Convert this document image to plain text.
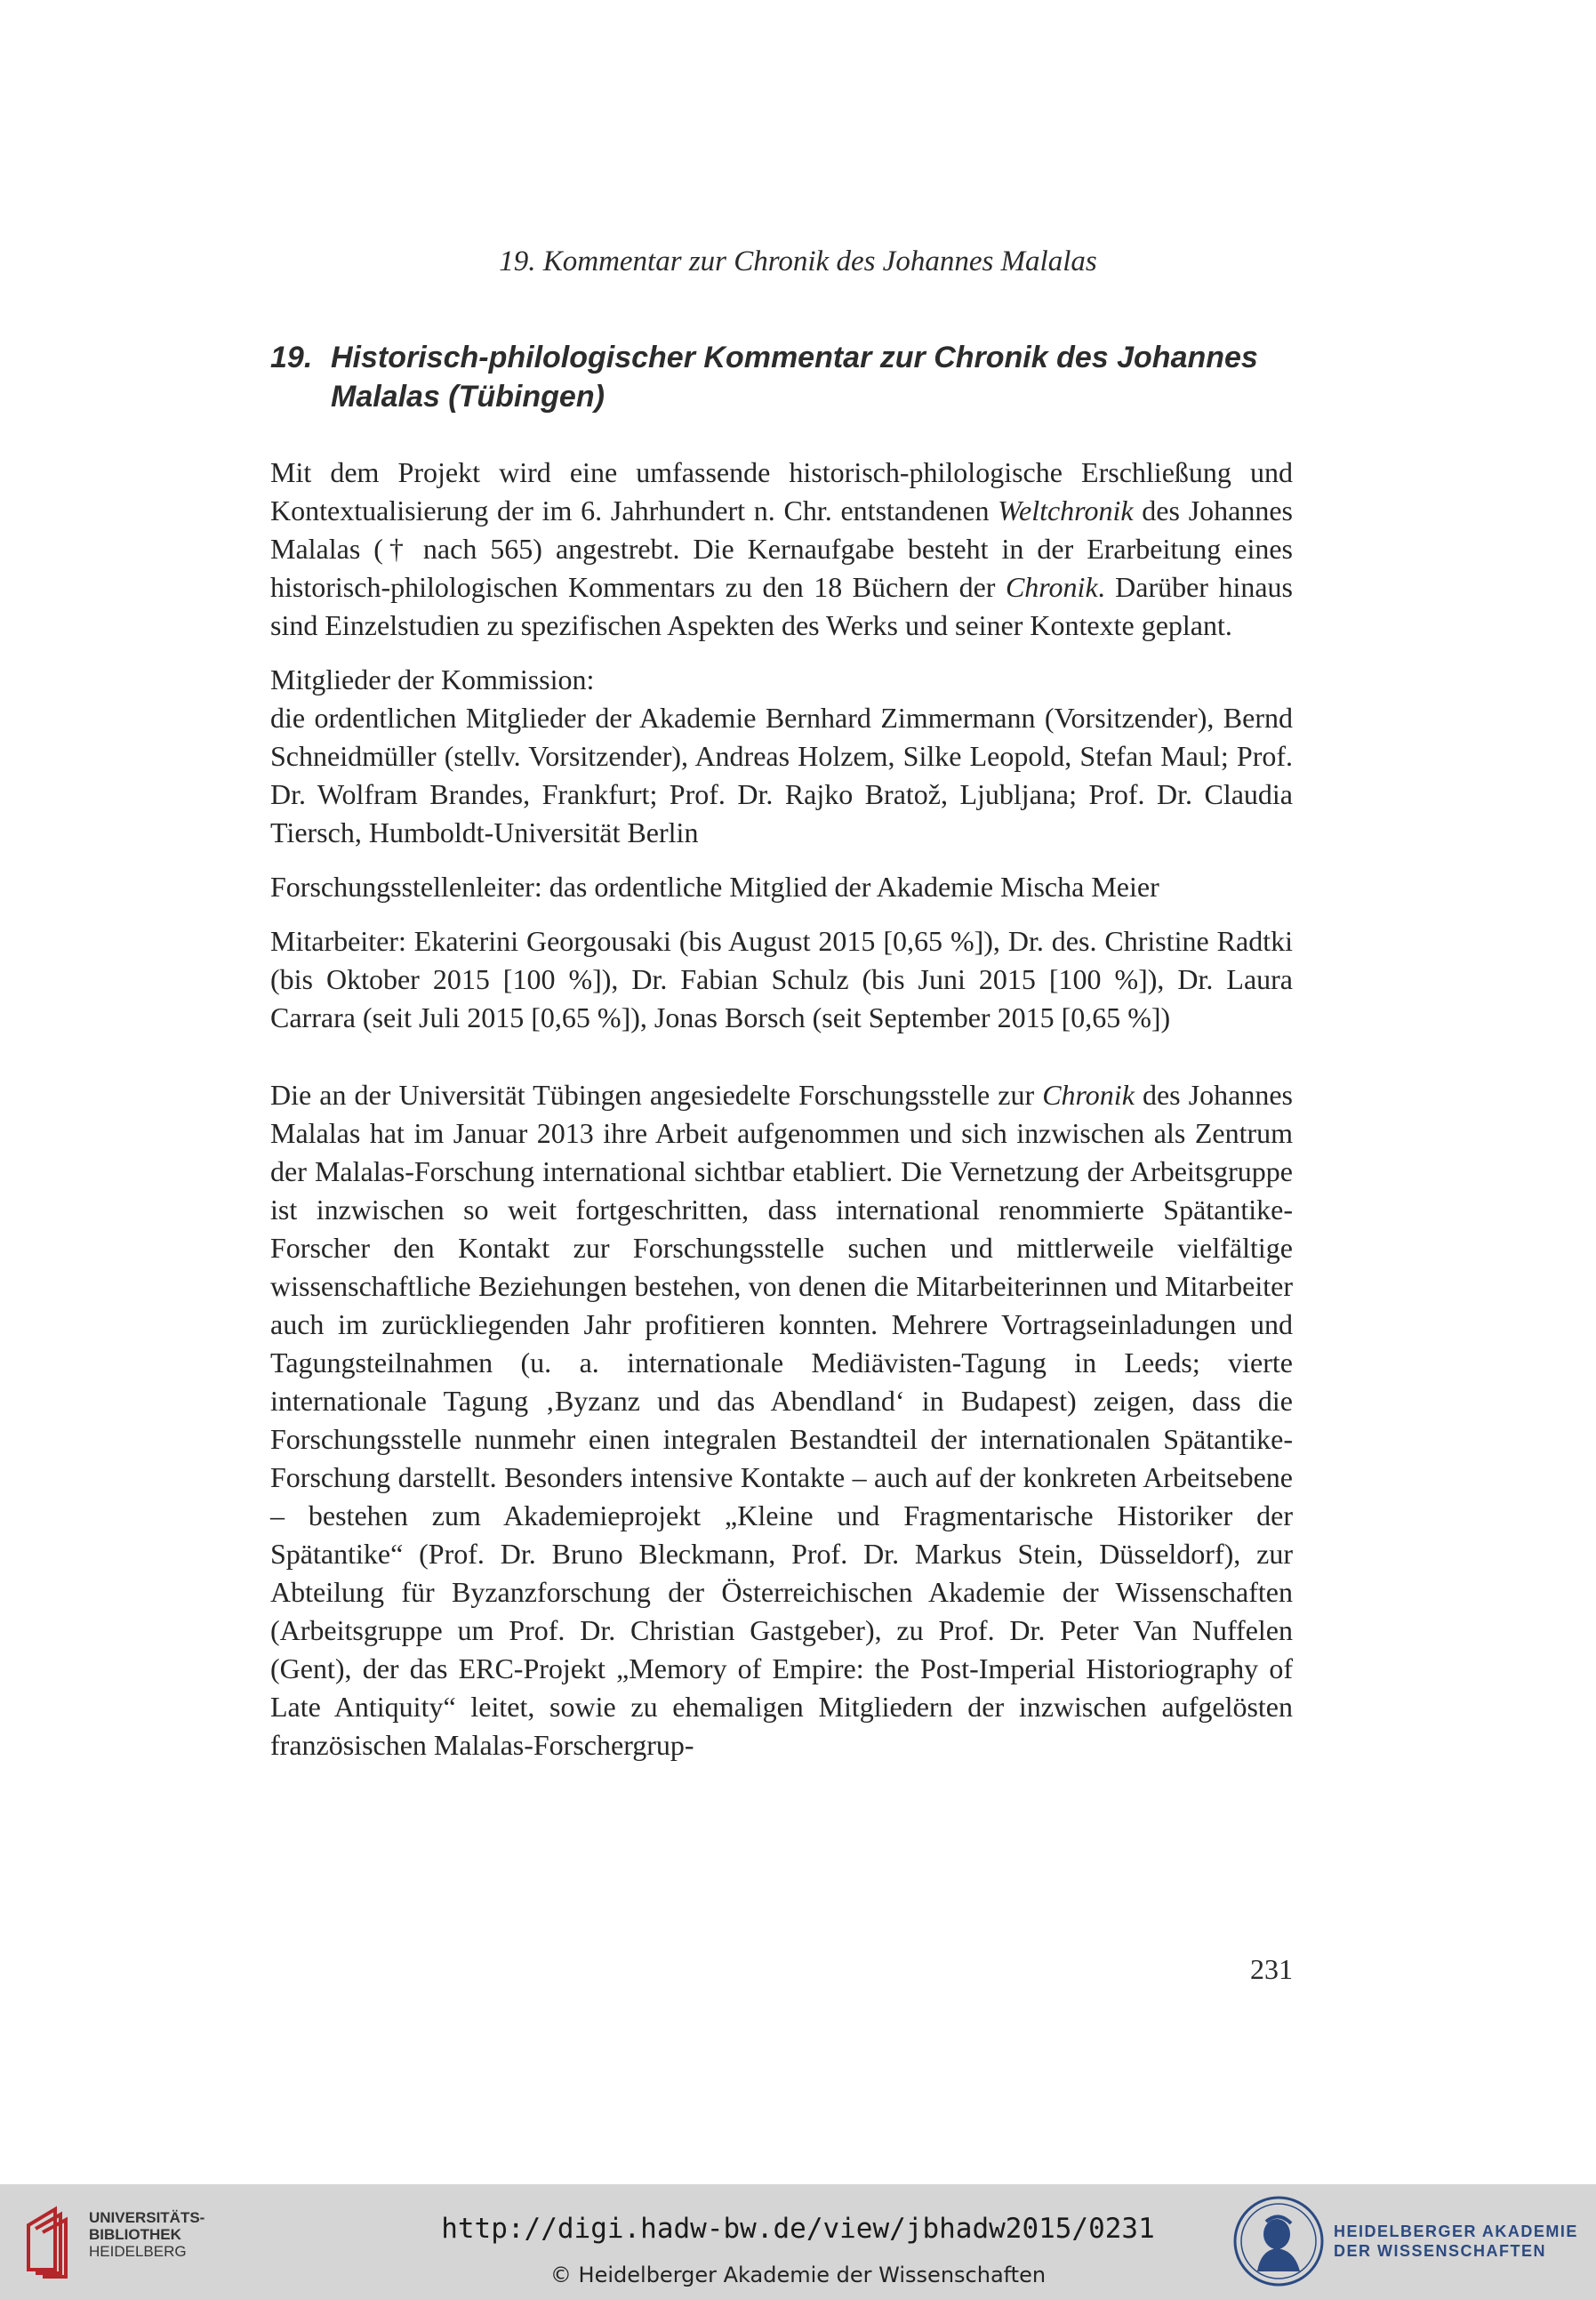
19. Kommentar zur Chronik des Johannes Malalas
19. Historisch-philologischer Kommentar zur Chronik des Johannes
Malalas (Tübingen)

Mit dem Projekt wird eine umfassende historisch-philologische Erschließung und Kontextualisierung der im 6. Jahrhundert n. Chr. entstandenen Weltchronik des Johannes Malalas († nach 565) angestrebt. Die Kernaufgabe besteht in der Erarbeitung eines historisch-philologischen Kommentars zu den 18 Büchern der Chronik. Darüber hinaus sind Einzelstudien zu spezifischen Aspekten des Werks und seiner Kontexte geplant.

Mitglieder der Kommission:
die ordentlichen Mitglieder der Akademie Bernhard Zimmermann (Vorsitzender), Bernd Schneidmüller (stellv. Vorsitzender), Andreas Holzem, Silke Leopold, Stefan Maul; Prof. Dr. Wolfram Brandes, Frankfurt; Prof. Dr. Rajko Bratož, Ljubljana; Prof. Dr. Claudia Tiersch, Humboldt-Universität Berlin

Forschungsstellenleiter: das ordentliche Mitglied der Akademie Mischa Meier

Mitarbeiter: Ekaterini Georgousaki (bis August 2015 [0,65 %]), Dr. des. Christine Radtki (bis Oktober 2015 [100 %]), Dr. Fabian Schulz (bis Juni 2015 [100 %]), Dr. Laura Carrara (seit Juli 2015 [0,65 %]), Jonas Borsch (seit September 2015 [0,65 %])

Die an der Universität Tübingen angesiedelte Forschungsstelle zur Chronik des Johannes Malalas hat im Januar 2013 ihre Arbeit aufgenommen und sich inzwischen als Zentrum der Malalas-Forschung international sichtbar etabliert. Die Vernetzung der Arbeitsgruppe ist inzwischen so weit fortgeschritten, dass international renommierte Spätantike-Forscher den Kontakt zur Forschungsstelle suchen und mittlerweile vielfältige wissenschaftliche Beziehungen bestehen, von denen die Mitarbeiterinnen und Mitarbeiter auch im zurückliegenden Jahr profitieren konnten. Mehrere Vortragseinladungen und Tagungsteilnahmen (u. a. internationale Mediävisten-Tagung in Leeds; vierte internationale Tagung ‚Byzanz und das Abendland‘ in Budapest) zeigen, dass die Forschungsstelle nunmehr einen integralen Bestandteil der internationalen Spätantike-Forschung darstellt. Besonders intensive Kontakte – auch auf der konkreten Arbeitsebene – bestehen zum Akademieprojekt „Kleine und Fragmentarische Historiker der Spätantike“ (Prof. Dr. Bruno Bleckmann, Prof. Dr. Markus Stein, Düsseldorf), zur Abteilung für Byzanzforschung der Österreichischen Akademie der Wissenschaften (Arbeitsgruppe um Prof. Dr. Christian Gastgeber), zu Prof. Dr. Peter Van Nuffelen (Gent), der das ERC-Projekt „Memory of Empire: the Post-Imperial Historiography of Late Antiquity“ leitet, sowie zu ehemaligen Mitgliedern der inzwischen aufgelösten französischen Malalas-Forschergrup-

231
UNIVERSITÄTS-
BIBLIOTHEK
HEIDELBERG
http://digi.hadw-bw.de/view/jbhadw2015/0231
© Heidelberger Akademie der Wissenschaften
HEIDELBERGER AKADEMIE
DER WISSENSCHAFTEN
